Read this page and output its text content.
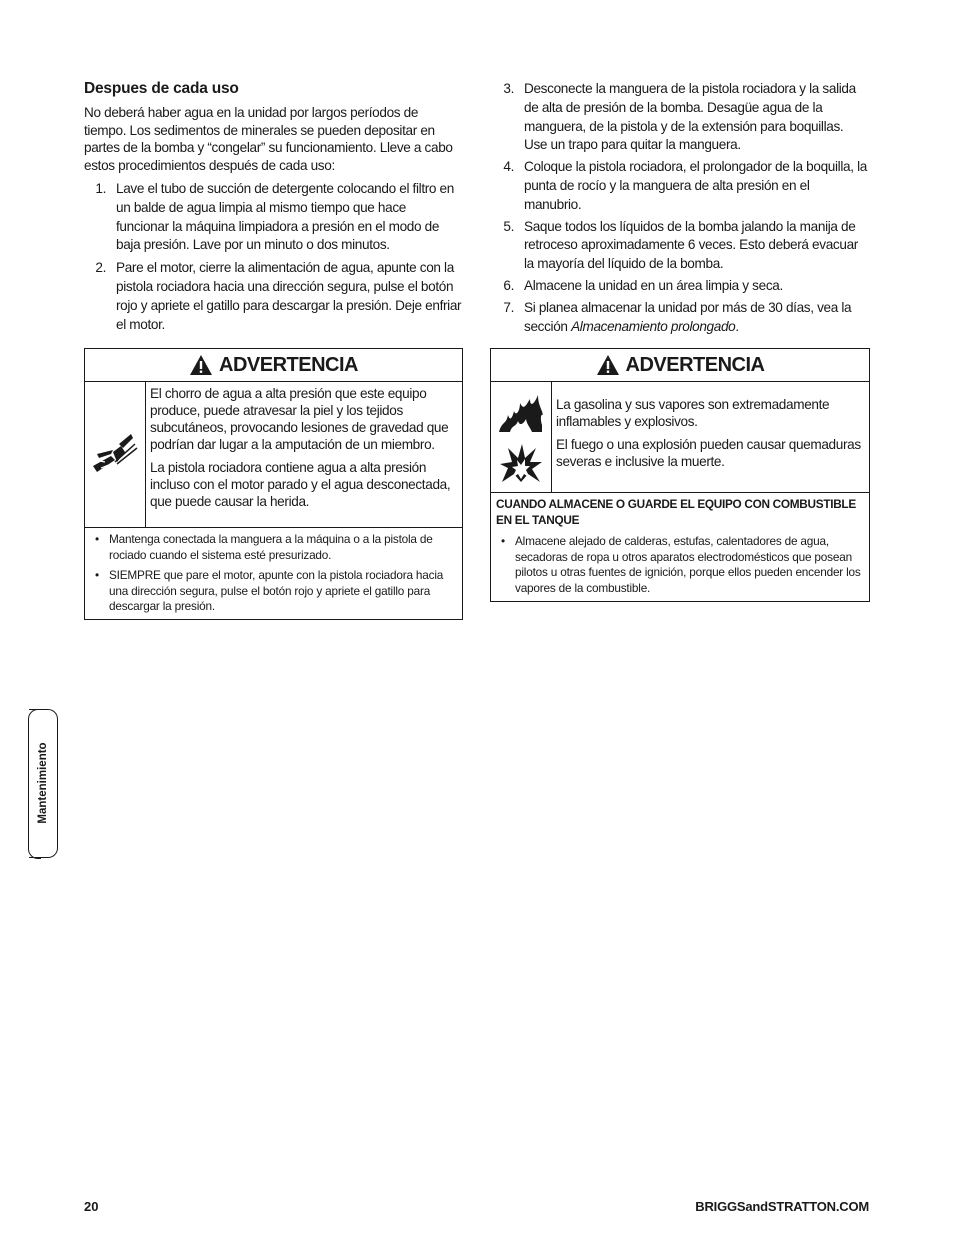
Despues de cada uso

No deberá haber agua en la unidad por largos períodos de tiempo. Los sedimentos de minerales se pueden depositar en partes de la bomba y “congelar” su funcionamiento. Lleve a cabo estos procedimientos después de cada uso:

1. Lave el tubo de succión de detergente colocando el filtro en un balde de agua limpia al mismo tiempo que hace funcionar la máquina limpiadora a presión en el modo de baja presión. Lave por un minuto o dos minutos.
2. Pare el motor, cierre la alimentación de agua, apunte con la pistola rociadora hacia una dirección segura, pulse el botón rojo y apriete el gatillo para descargar la presión. Deje enfriar el motor.
ADVERTENCIA

El chorro de agua a alta presión que este equipo produce, puede atravesar la piel y los tejidos subcutáneos, provocando lesiones de gravedad que podrían dar lugar a la amputación de un miembro.

La pistola rociadora contiene agua a alta presión incluso con el motor parado y el agua desconectada, que puede causar la herida.

• Mantenga conectada la manguera a la máquina o a la pistola de rociado cuando el sistema esté presurizado.
• SIEMPRE que pare el motor, apunte con la pistola rociadora hacia una dirección segura, pulse el botón rojo y apriete el gatillo para descargar la presión.
3. Desconecte la manguera de la pistola rociadora y la salida de alta de presión de la bomba. Desagüe agua de la manguera, de la pistola y de la extensión para boquillas. Use un trapo para quitar la manguera.
4. Coloque la pistola rociadora, el prolongador de la boquilla, la punta de rocío y la manguera de alta presión en el manubrio.
5. Saque todos los líquidos de la bomba jalando la manija de retroceso aproximadamente 6 veces. Esto deberá evacuar la mayoría del líquido de la bomba.
6. Almacene la unidad en un área limpia y seca.
7. Si planea almacenar la unidad por más de 30 días, vea la sección Almacenamiento prolongado.
ADVERTENCIA

La gasolina y sus vapores son extremadamente inflamables y explosivos.

El fuego o una explosión pueden causar quemaduras severas e inclusive la muerte.

CUANDO ALMACENE O GUARDE EL EQUIPO CON COMBUSTIBLE EN EL TANQUE

• Almacene alejado de calderas, estufas, calentadores de agua, secadoras de ropa u otros aparatos electrodomésticos que posean pilotos u otras fuentes de ignición, porque ellos pueden encender los vapores de la combustible.
Mantenimiento
20	BRIGGSandSTRATTON.COM
